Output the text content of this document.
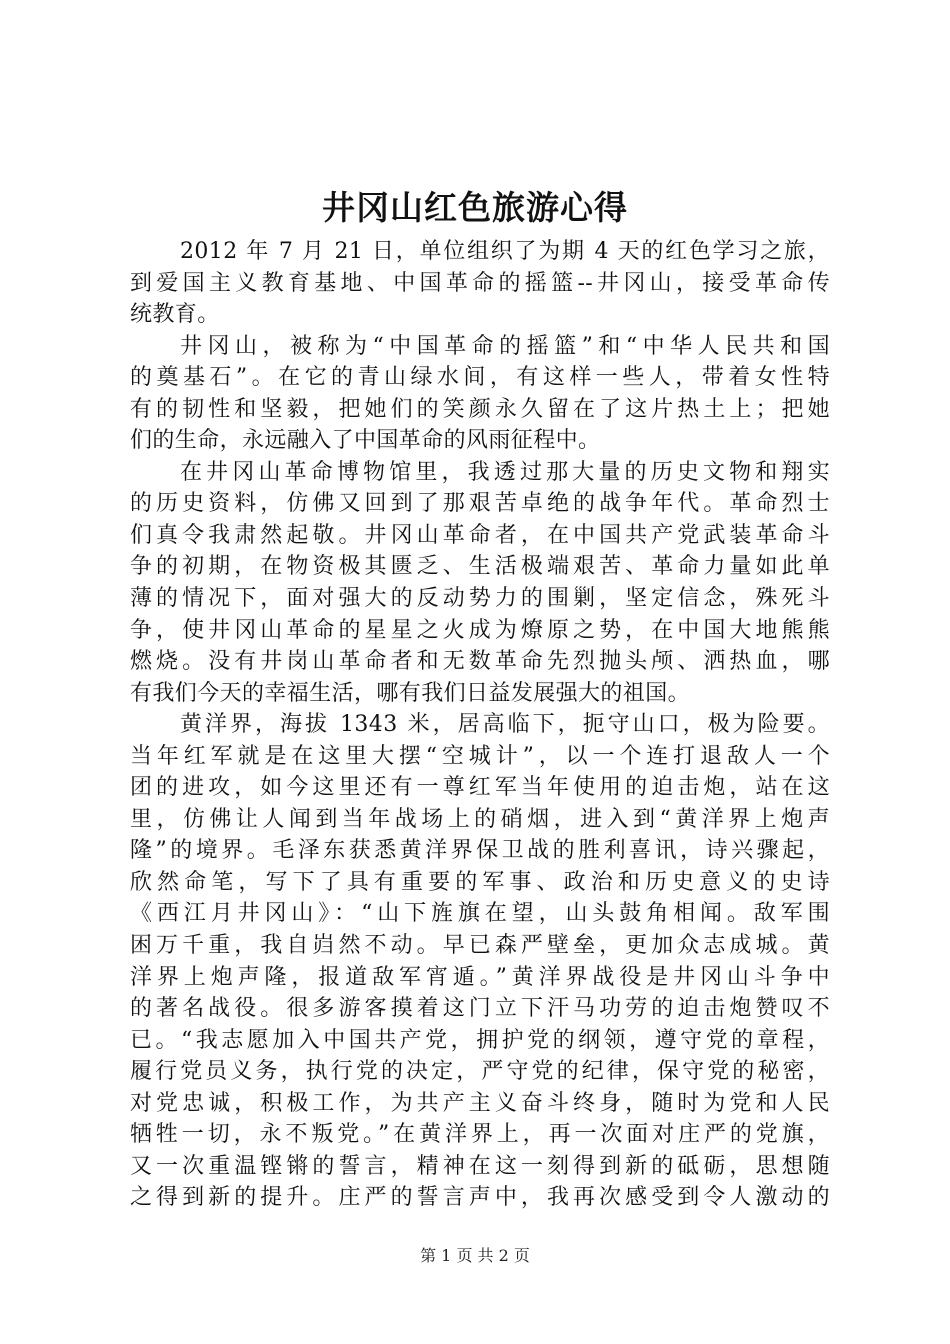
井冈山红色旅游心得
2012 年 7 月 21 日，单位组织了为期 4 天的红色学习之旅，
到爱国主义教育基地、中国革命的摇篮--井冈山，接受革命传
统教育。
井冈山，被称为“中国革命的摇篮”和“中华人民共和国
的奠基石”。在它的青山绿水间，有这样一些人，带着女性特
有的韧性和坚毅，把她们的笑颜永久留在了这片热土上；把她
们的生命，永远融入了中国革命的风雨征程中。
在井冈山革命博物馆里，我透过那大量的历史文物和翔实
的历史资料，仿佛又回到了那艰苦卓绝的战争年代。革命烈士
们真令我肃然起敬。井冈山革命者，在中国共产党武装革命斗
争的初期，在物资极其匮乏、生活极端艰苦、革命力量如此单
薄的情况下，面对强大的反动势力的围剿，坚定信念，殊死斗
争，使井冈山革命的星星之火成为燎原之势，在中国大地熊熊
燃烧。没有井岗山革命者和无数革命先烈抛头颅、洒热血，哪
有我们今天的幸福生活，哪有我们日益发展强大的祖国。
黄洋界，海拔 1343 米，居高临下，扼守山口，极为险要。
当年红军就是在这里大摆“空城计”，以一个连打退敌人一个
团的进攻，如今这里还有一尊红军当年使用的迫击炮，站在这
里，仿佛让人闻到当年战场上的硝烟，进入到“黄洋界上炮声
隆”的境界。毛泽东获悉黄洋界保卫战的胜利喜讯，诗兴骤起，
欣然命笔，写下了具有重要的军事、政治和历史意义的史诗
《西江月井冈山》：“山下旌旗在望，山头鼓角相闻。敌军围
困万千重，我自岿然不动。早已森严壁垒，更加众志成城。黄
洋界上炮声隆，报道敌军宵遁。”黄洋界战役是井冈山斗争中
的著名战役。很多游客摸着这门立下汗马功劳的迫击炮赞叹不
已。“我志愿加入中国共产党，拥护党的纲领，遵守党的章程，
履行党员义务，执行党的决定，严守党的纪律，保守党的秘密，
对党忠诚，积极工作，为共产主义奋斗终身，随时为党和人民
牺牲一切，永不叛党。”在黄洋界上，再一次面对庄严的党旗，
又一次重温铿锵的誓言，精神在这一刻得到新的砥砺，思想随
之得到新的提升。庄严的誓言声中，我再次感受到令人激动的
第 1 页 共 2 页
